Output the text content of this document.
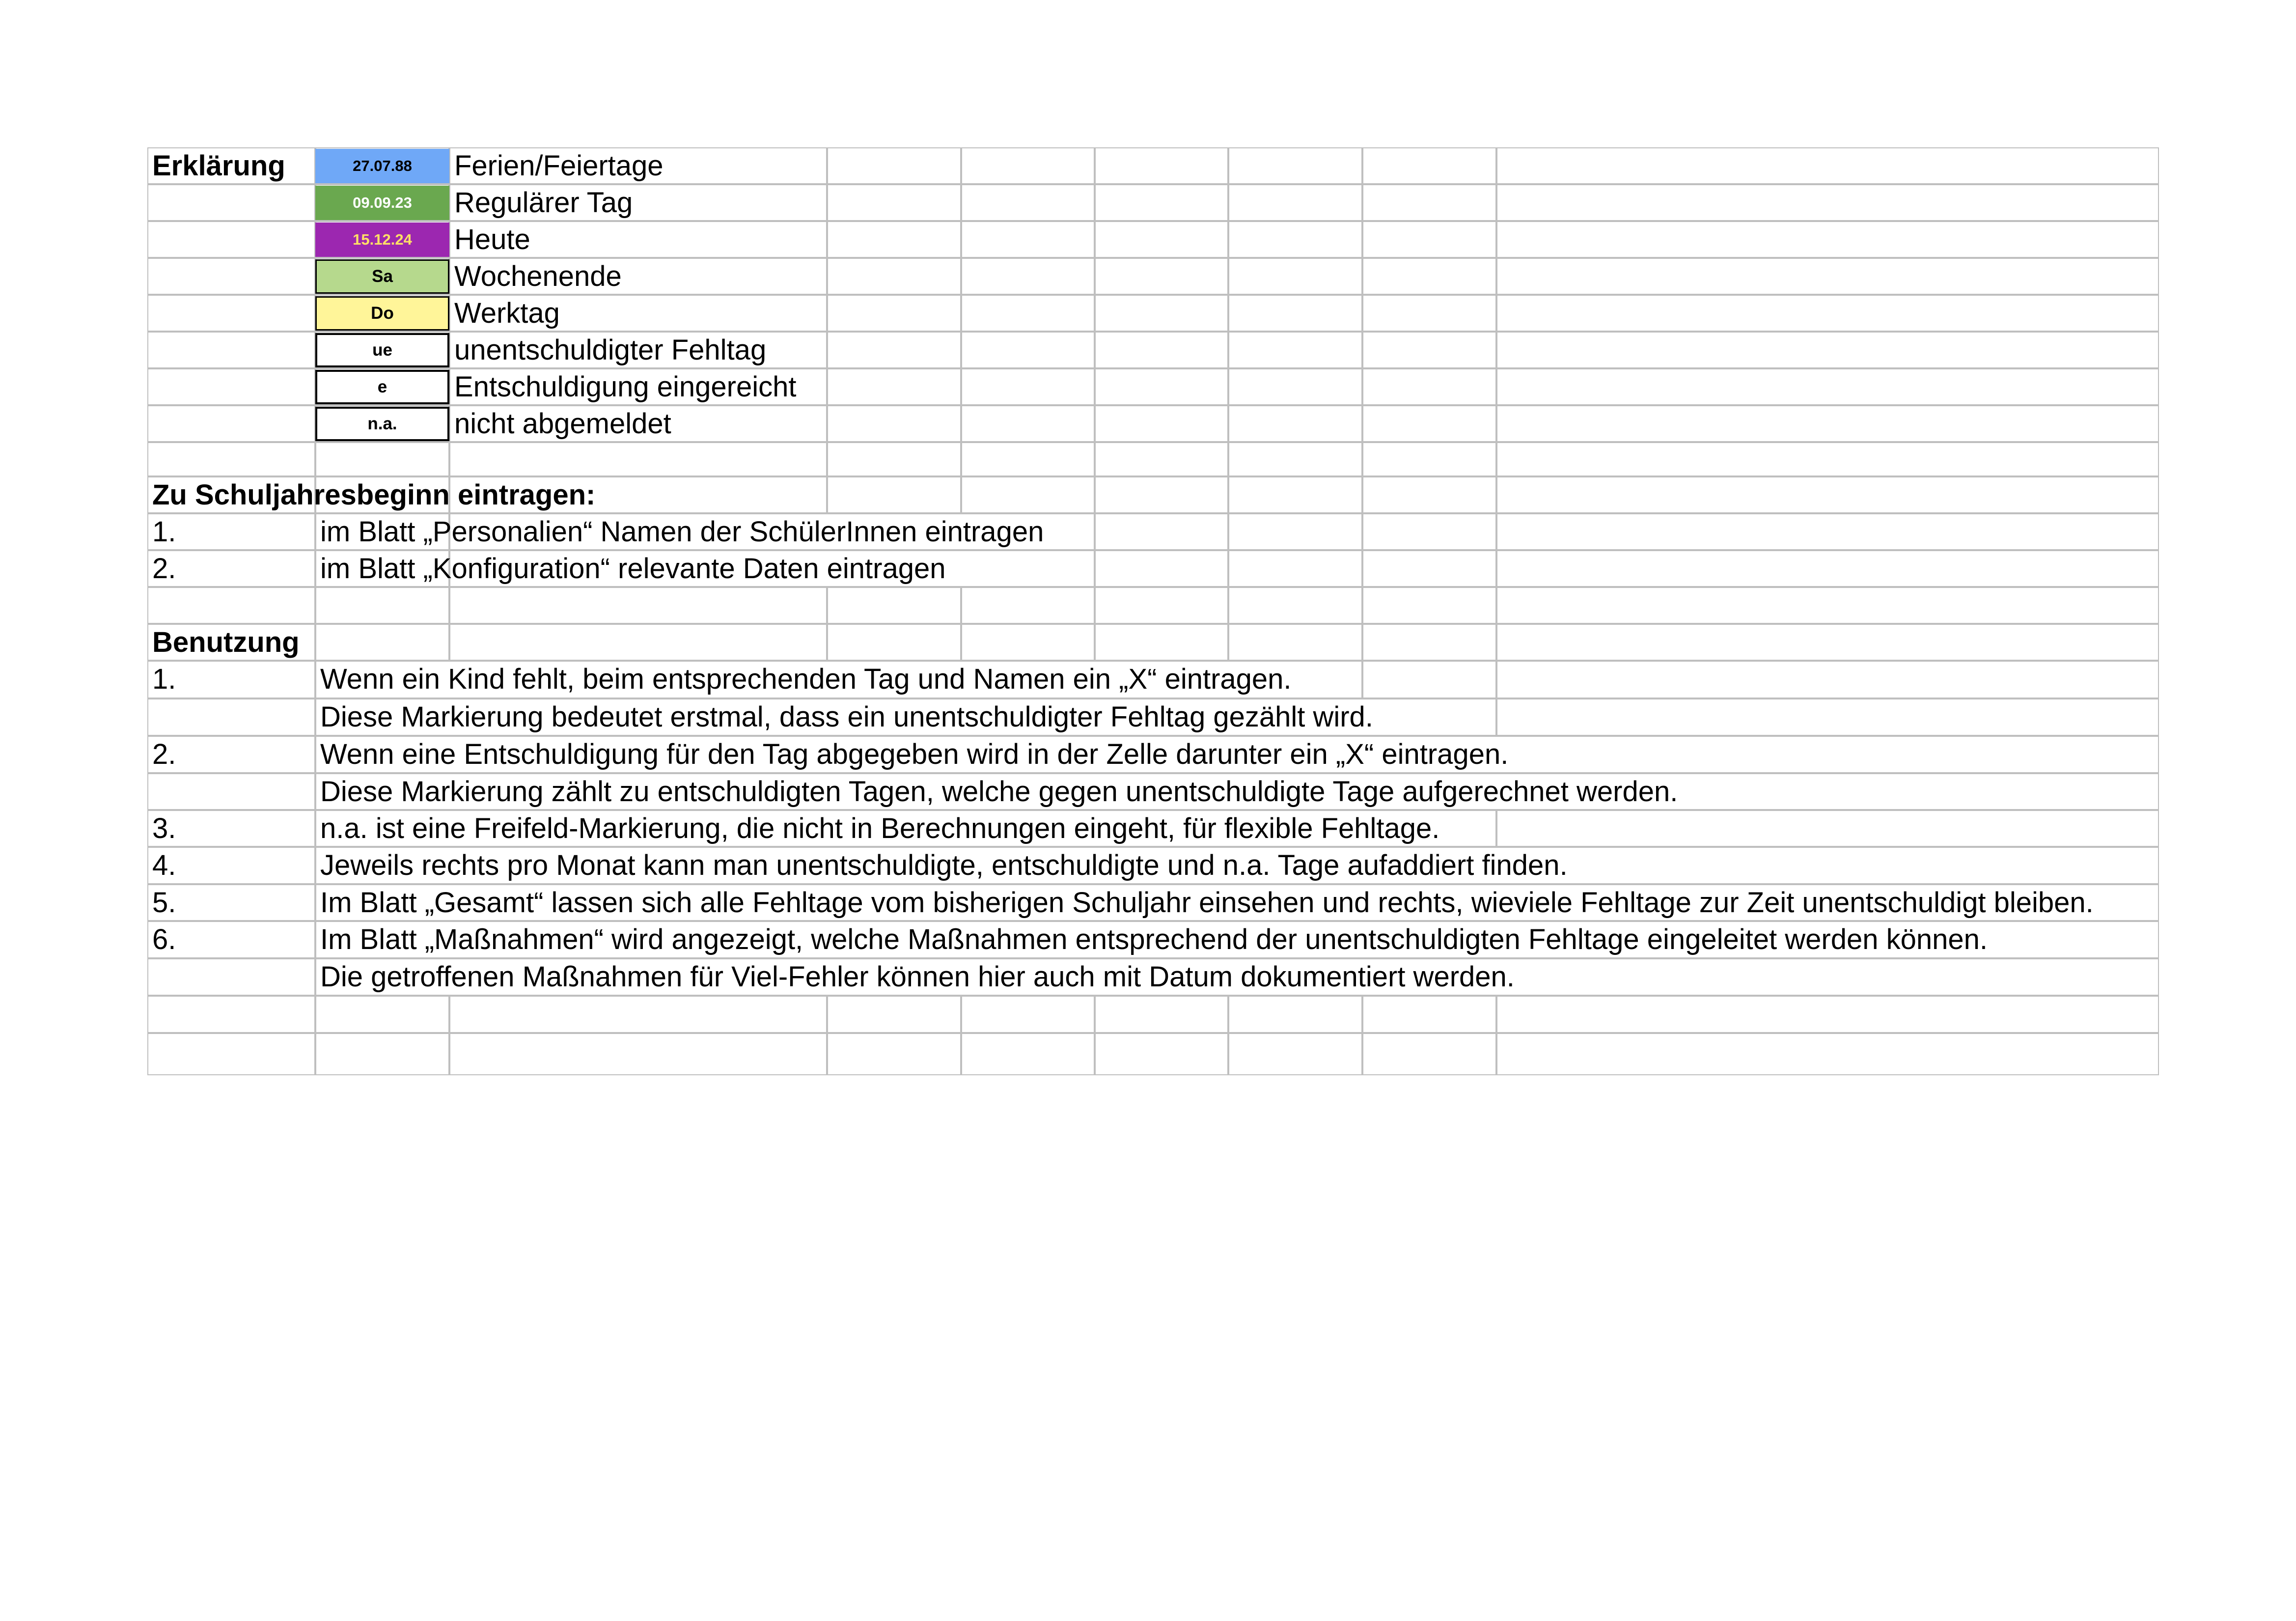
Erklärung	27.07.88	Ferien/Feiertage
09.09.23	Regulärer Tag
15.12.24	Heute
Sa	Wochenende
Do	Werktag
ue	unentschuldigter Fehltag
e	Entschuldigung eingereicht
n.a.	nicht abgemeldet
Zu Schuljahresbeginn eintragen:
1.	im Blatt „Personalien“ Namen der SchülerInnen eintragen
2.	im Blatt „Konfiguration“ relevante Daten eintragen
Benutzung
1.	Wenn ein Kind fehlt, beim entsprechenden Tag und Namen ein „X“ eintragen.
Diese Markierung bedeutet erstmal, dass ein unentschuldigter Fehltag gezählt wird.
2.	Wenn eine Entschuldigung für den Tag abgegeben wird in der Zelle darunter ein „X“ eintragen.
Diese Markierung zählt zu entschuldigten Tagen, welche gegen unentschuldigte Tage aufgerechnet werden.
3.	n.a. ist eine Freifeld-Markierung, die nicht in Berechnungen eingeht, für flexible Fehltage.
4.	Jeweils rechts pro Monat kann man unentschuldigte, entschuldigte und n.a. Tage aufaddiert finden.
5.	Im Blatt „Gesamt“ lassen sich alle Fehltage vom bisherigen Schuljahr einsehen und rechts, wieviele Fehltage zur Zeit unentschuldigt bleiben.
6.	Im Blatt „Maßnahmen“ wird angezeigt, welche Maßnahmen entsprechend der unentschuldigten Fehltage eingeleitet werden können.
Die getroffenen Maßnahmen für Viel-Fehler können hier auch mit Datum dokumentiert werden.
